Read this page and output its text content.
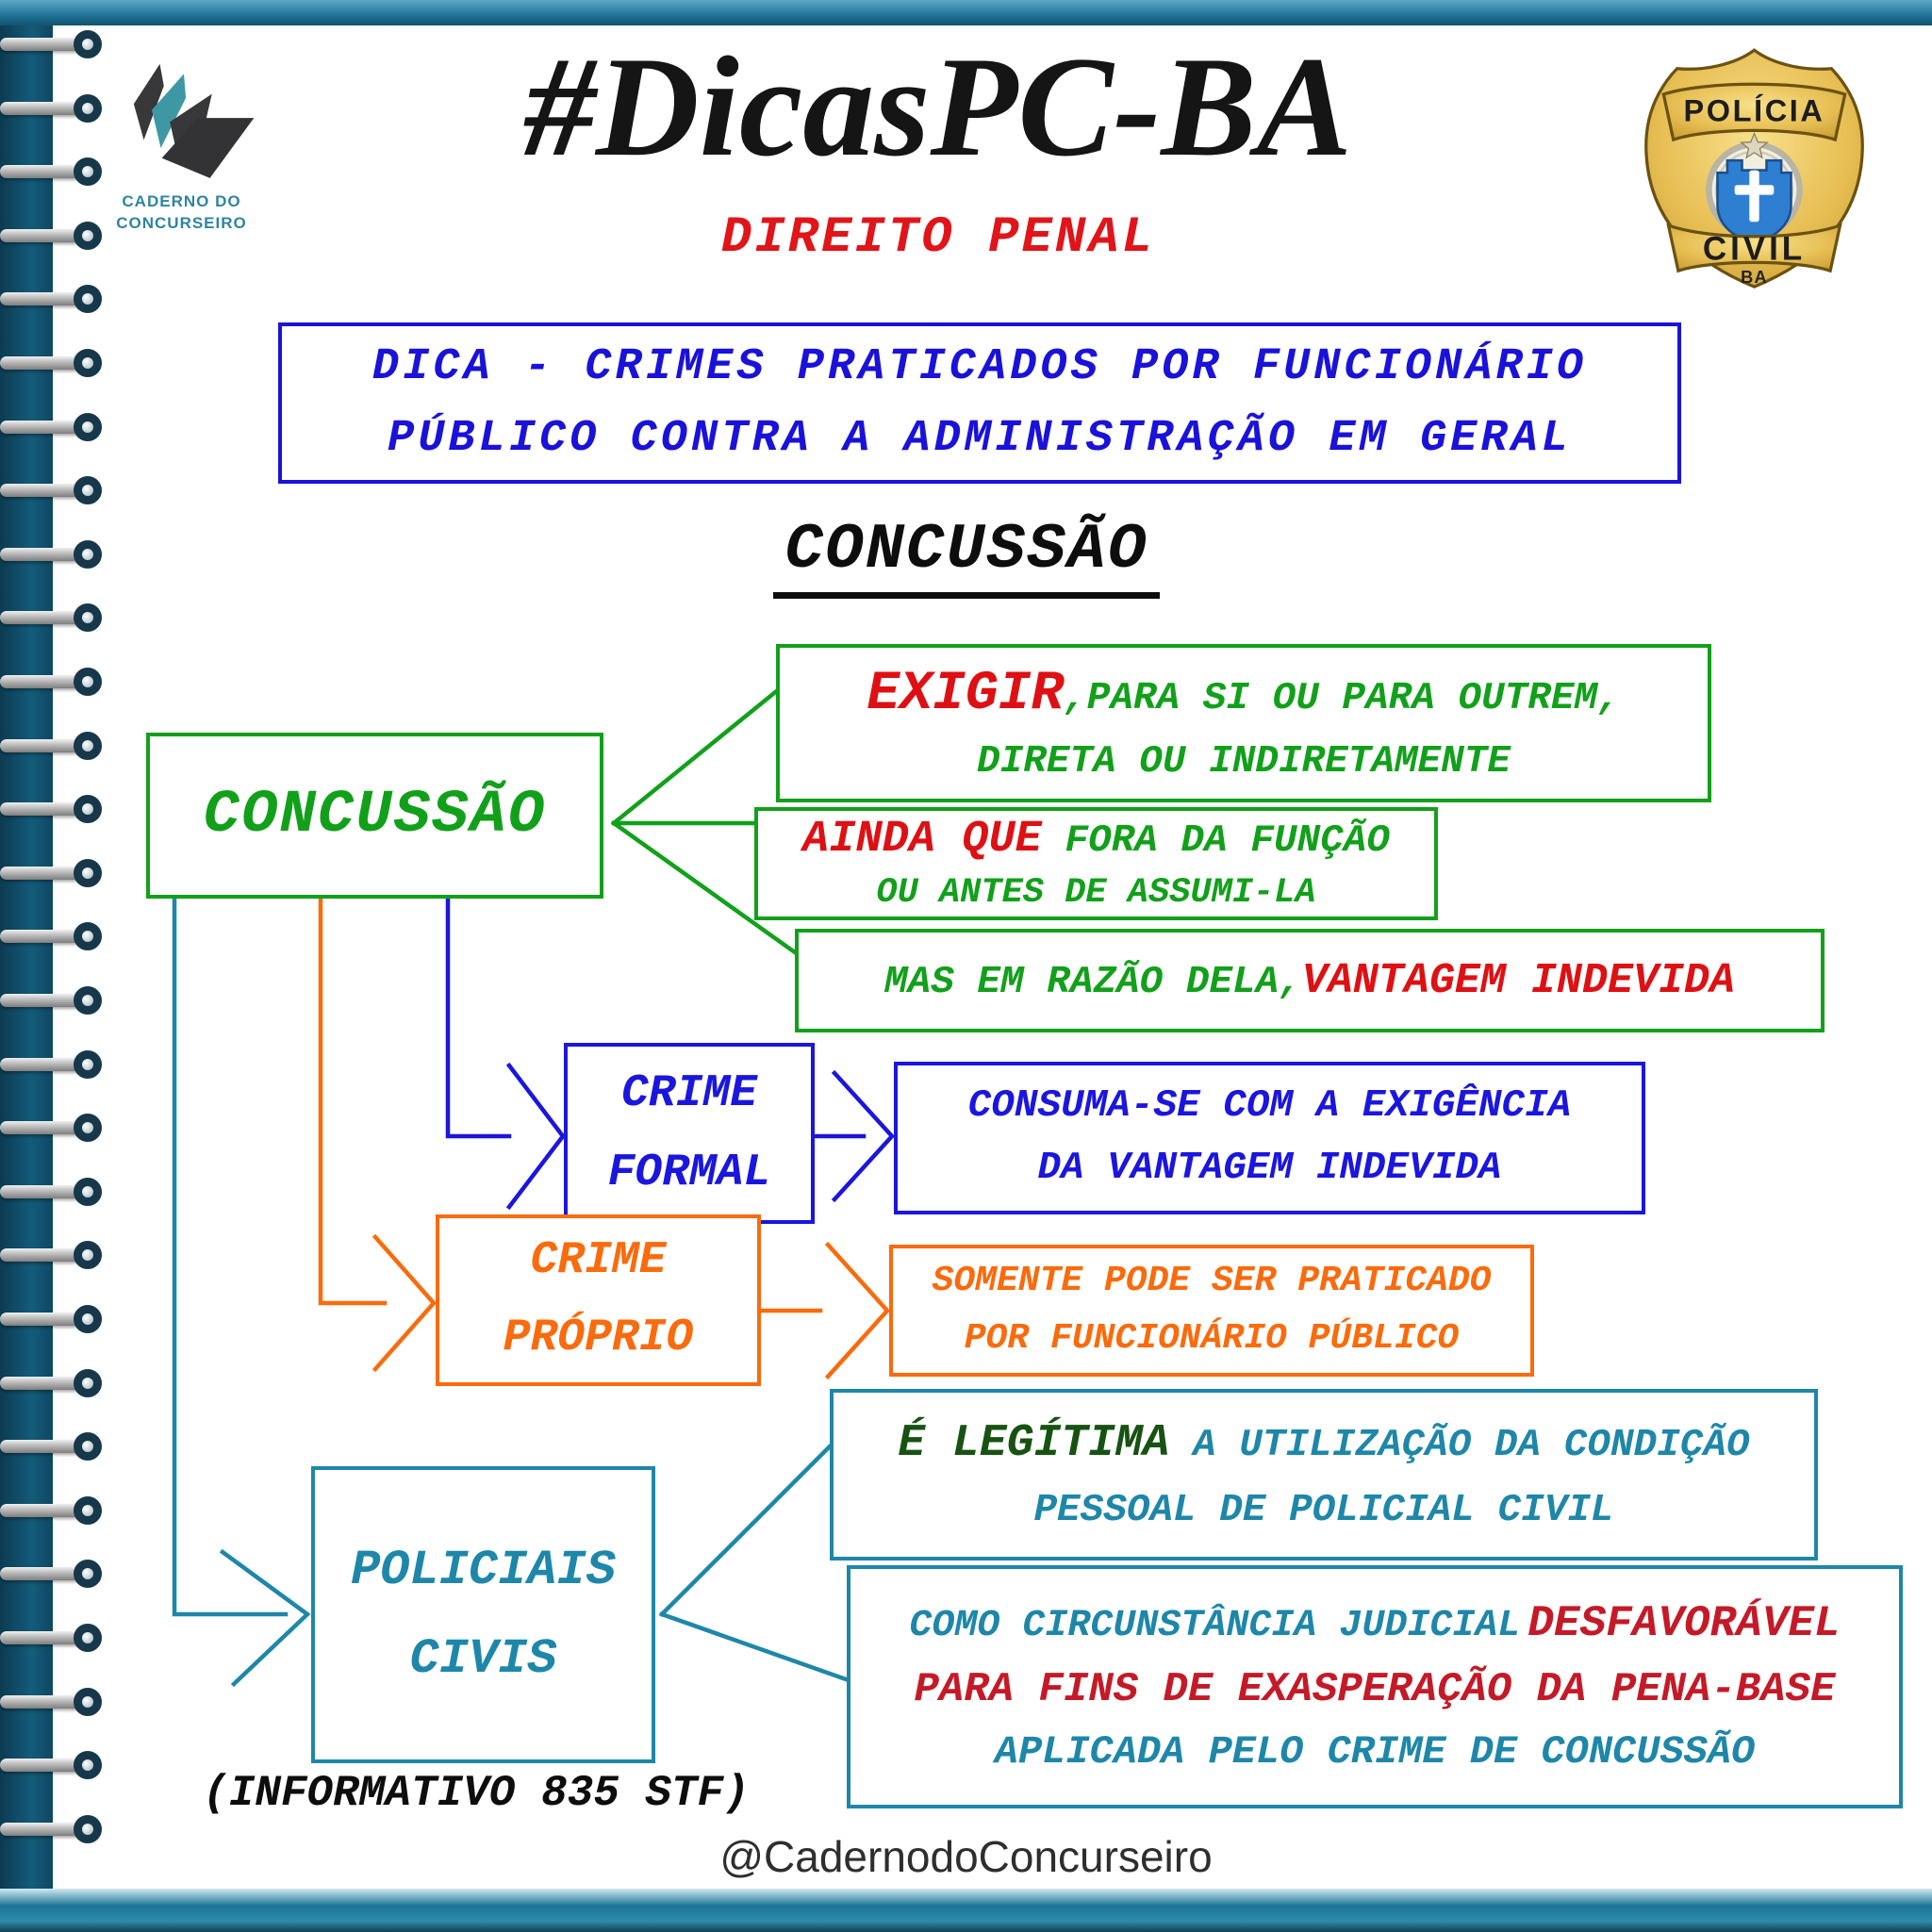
CADERNO DO
CONCURSEIRO
#DicasPC-BA	POLÍCIA
CIVIL
BA
DIREITO PENAL
DICA - CRIMES PRATICADOS POR FUNCIONÁRIO
PÚBLICO CONTRA A ADMINISTRAÇÃO EM GERAL
CONCUSSÃO
CONCUSSÃO
EXIGIR,PARA SI OU PARA OUTREM,
DIRETA OU INDIRETAMENTE
AINDA QUE FORA DA FUNÇÃO
OU ANTES DE ASSUMI-LA
MAS EM RAZÃO DELA,VANTAGEM INDEVIDA
CRIME
FORMAL
CONSUMA-SE COM A EXIGÊNCIA
DA VANTAGEM INDEVIDA
CRIME
PRÓPRIO
SOMENTE PODE SER PRATICADO
POR FUNCIONÁRIO PÚBLICO
É LEGÍTIMA A UTILIZAÇÃO DA CONDIÇÃO
PESSOAL DE POLICIAL CIVIL
POLICIAIS
CIVIS
COMO CIRCUNSTÂNCIA JUDICIAL DESFAVORÁVEL
PARA FINS DE EXASPERAÇÃO DA PENA-BASE
APLICADA PELO CRIME DE CONCUSSÃO
(INFORMATIVO 835 STF)
@CadernodoConcurseiro
